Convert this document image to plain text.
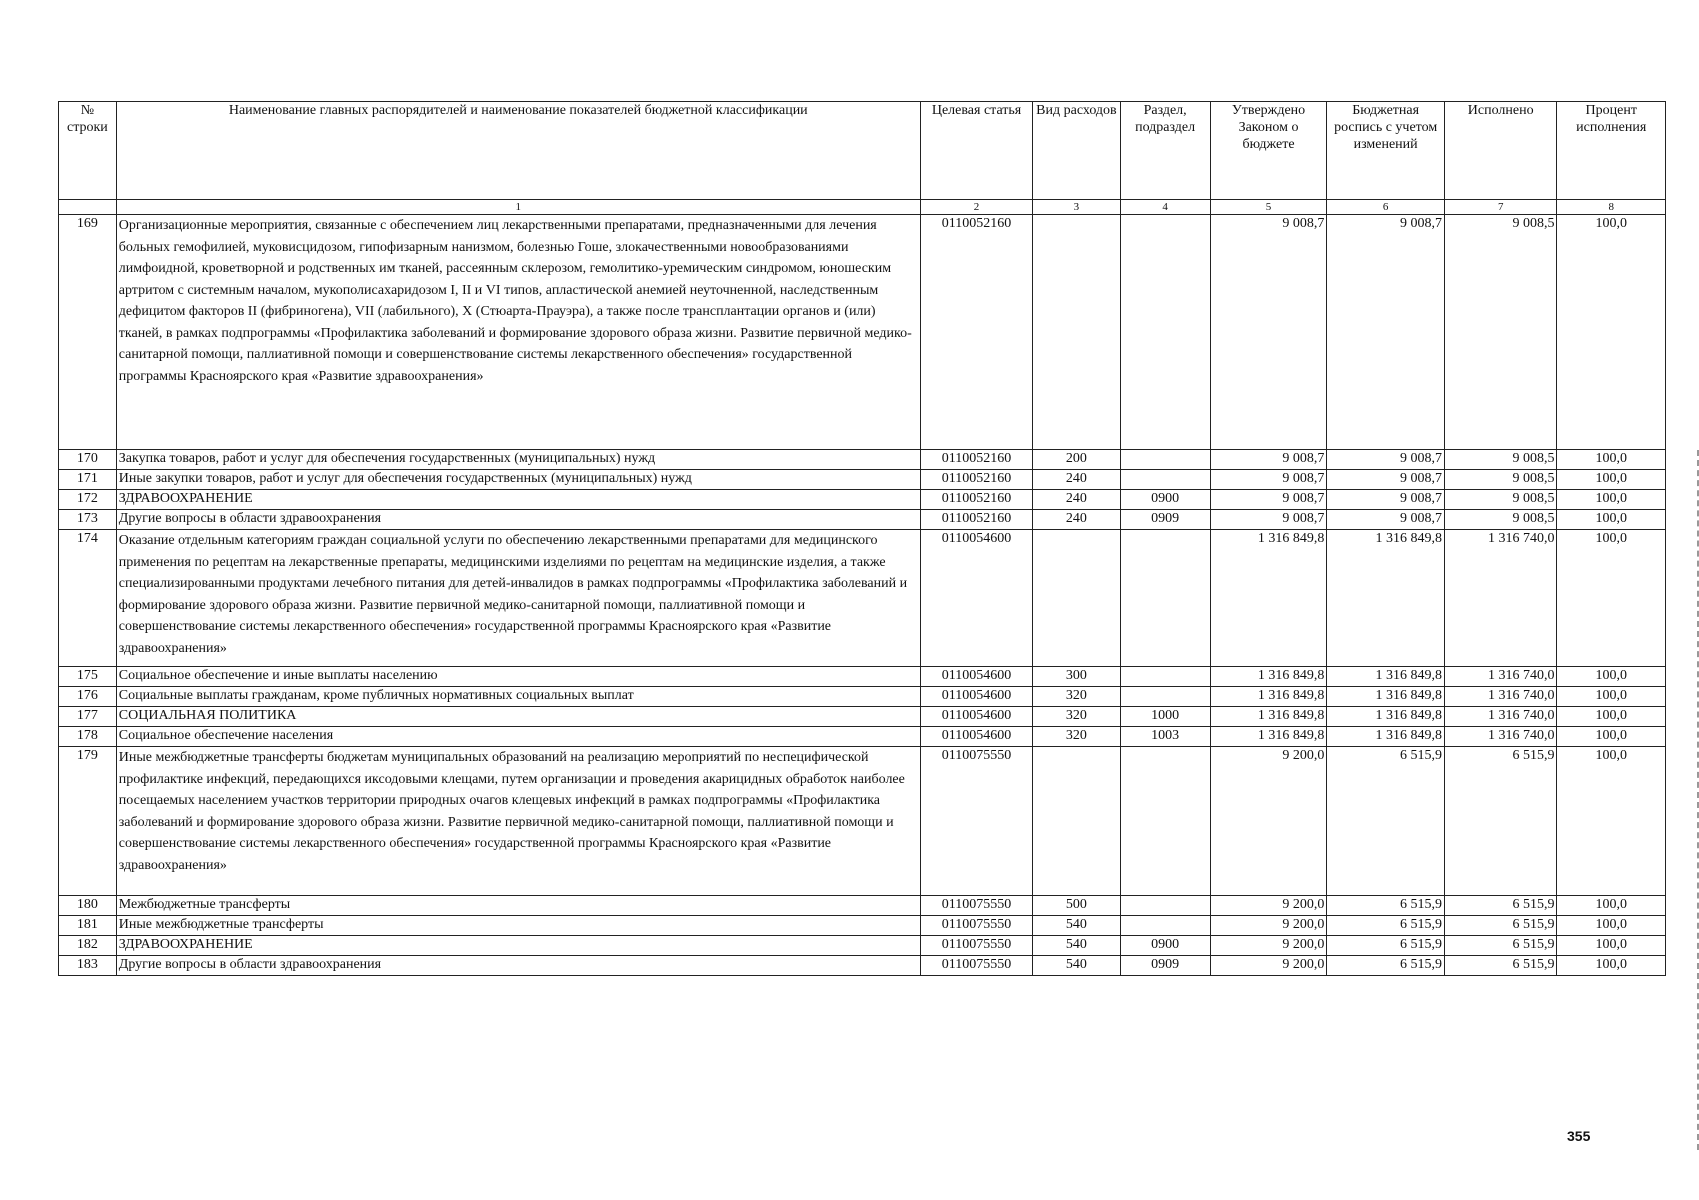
№ строки	Наименование главных распорядителей и наименование показателей бюджетной классификации	Целевая статья	Вид расходов	Раздел, подраздел	Утверждено Законом о бюджете	Бюджетная роспись с учетом изменений	Исполнено	Процент исполнения
	1	2	3	4	5	6	7	8
169	Организационные мероприятия, связанные с обеспечением лиц лекарственными препаратами, предназначенными для лечения больных гемофилией, муковисцидозом, гипофизарным нанизмом, болезнью Гоше, злокачественными новообразованиями лимфоидной, кроветворной и родственных им тканей, рассеянным склерозом, гемолитико-уремическим синдромом, юношеским артритом с системным началом, мукополисахаридозом I, II и VI типов, апластической анемией неуточненной, наследственным дефицитом факторов II (фибриногена), VII (лабильного), X (Стюарта-Прауэра), а также после трансплантации органов и (или) тканей, в рамках подпрограммы «Профилактика заболеваний и формирование здорового образа жизни. Развитие первичной медико-санитарной помощи, паллиативной помощи и совершенствование системы лекарственного обеспечения» государственной программы Красноярского края «Развитие здравоохранения»	0110052160			9 008,7	9 008,7	9 008,5	100,0
170	Закупка товаров, работ и услуг для обеспечения государственных (муниципальных) нужд	0110052160	200		9 008,7	9 008,7	9 008,5	100,0
171	Иные закупки товаров, работ и услуг для обеспечения государственных (муниципальных) нужд	0110052160	240		9 008,7	9 008,7	9 008,5	100,0
172	ЗДРАВООХРАНЕНИЕ	0110052160	240	0900	9 008,7	9 008,7	9 008,5	100,0
173	Другие вопросы в области здравоохранения	0110052160	240	0909	9 008,7	9 008,7	9 008,5	100,0
174	Оказание отдельным категориям граждан социальной услуги по обеспечению лекарственными препаратами для медицинского применения по рецептам на лекарственные препараты, медицинскими изделиями по рецептам на медицинские изделия, а также специализированными продуктами лечебного питания для детей-инвалидов в рамках подпрограммы «Профилактика заболеваний и формирование здорового образа жизни. Развитие первичной медико-санитарной помощи, паллиативной помощи и совершенствование системы лекарственного обеспечения» государственной программы Красноярского края «Развитие здравоохранения»	0110054600			1 316 849,8	1 316 849,8	1 316 740,0	100,0
175	Социальное обеспечение и иные выплаты населению	0110054600	300		1 316 849,8	1 316 849,8	1 316 740,0	100,0
176	Социальные выплаты гражданам, кроме публичных нормативных социальных выплат	0110054600	320		1 316 849,8	1 316 849,8	1 316 740,0	100,0
177	СОЦИАЛЬНАЯ ПОЛИТИКА	0110054600	320	1000	1 316 849,8	1 316 849,8	1 316 740,0	100,0
178	Социальное обеспечение населения	0110054600	320	1003	1 316 849,8	1 316 849,8	1 316 740,0	100,0
179	Иные межбюджетные трансферты бюджетам муниципальных образований на реализацию мероприятий по неспецифической профилактике инфекций, передающихся иксодовыми клещами, путем организации и проведения акарицидных обработок наиболее посещаемых населением участков территории природных очагов клещевых инфекций в рамках подпрограммы «Профилактика заболеваний и формирование здорового образа жизни. Развитие первичной медико-санитарной помощи, паллиативной помощи и совершенствование системы лекарственного обеспечения» государственной программы Красноярского края «Развитие здравоохранения»	0110075550			9 200,0	6 515,9	6 515,9	100,0
180	Межбюджетные трансферты	0110075550	500		9 200,0	6 515,9	6 515,9	100,0
181	Иные межбюджетные трансферты	0110075550	540		9 200,0	6 515,9	6 515,9	100,0
182	ЗДРАВООХРАНЕНИЕ	0110075550	540	0900	9 200,0	6 515,9	6 515,9	100,0
183	Другие вопросы в области здравоохранения	0110075550	540	0909	9 200,0	6 515,9	6 515,9	100,0
355
